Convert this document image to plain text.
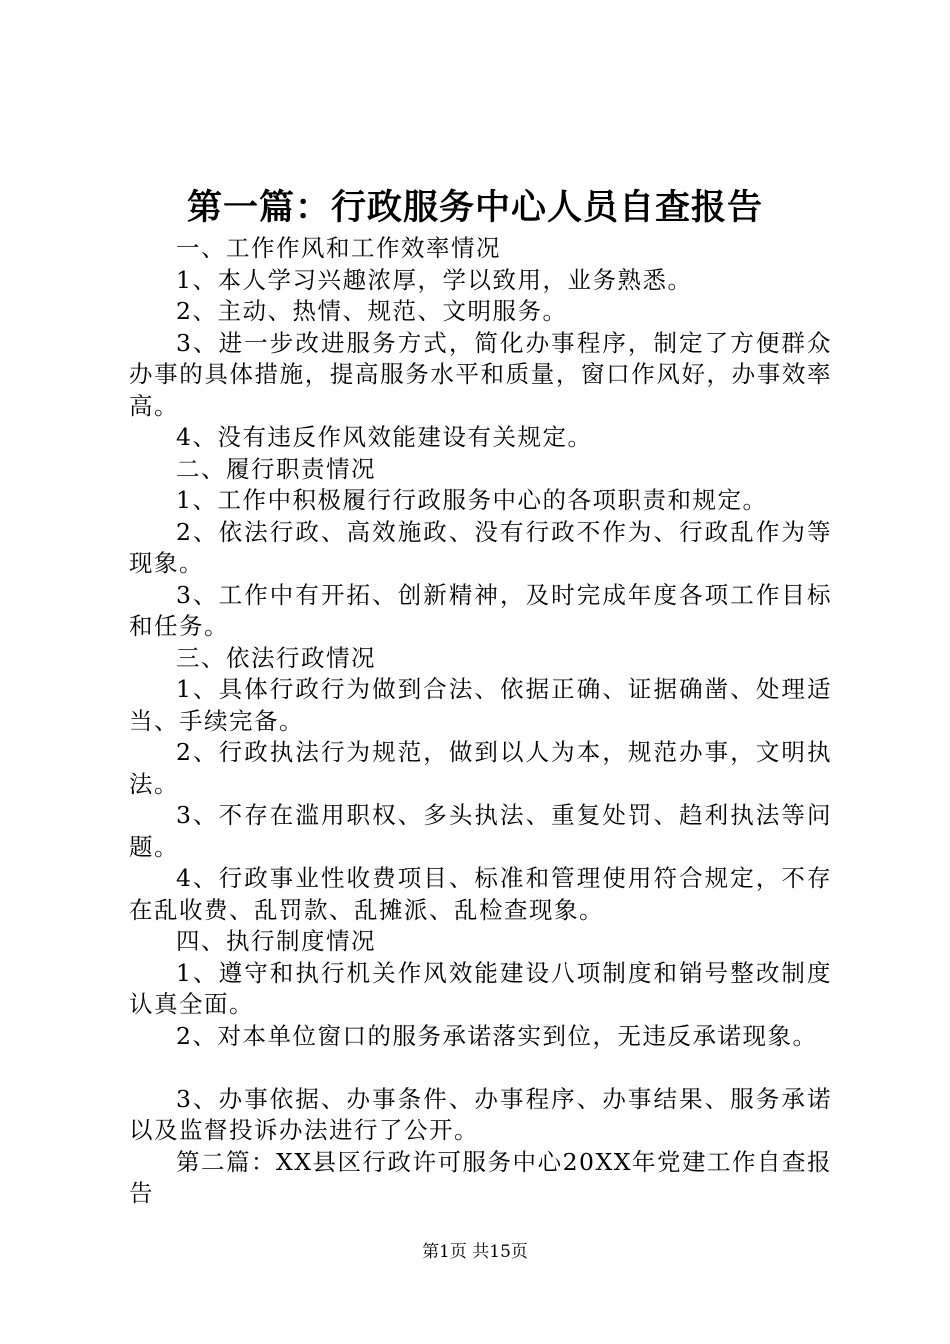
第一篇：行政服务中心人员自查报告

一、工作作风和工作效率情况

1、本人学习兴趣浓厚，学以致用，业务熟悉。

2、主动、热情、规范、文明服务。

3、进一步改进服务方式，简化办事程序，制定了方便群众办事的具体措施，提高服务水平和质量，窗口作风好，办事效率高。

4、没有违反作风效能建设有关规定。

二、履行职责情况

1、工作中积极履行行政服务中心的各项职责和规定。

2、依法行政、高效施政、没有行政不作为、行政乱作为等现象。

3、工作中有开拓、创新精神，及时完成年度各项工作目标和任务。

三、依法行政情况

1、具体行政行为做到合法、依据正确、证据确凿、处理适当、手续完备。

2、行政执法行为规范，做到以人为本，规范办事，文明执法。

3、不存在滥用职权、多头执法、重复处罚、趋利执法等问题。

4、行政事业性收费项目、标准和管理使用符合规定，不存在乱收费、乱罚款、乱摊派、乱检查现象。

四、执行制度情况

1、遵守和执行机关作风效能建设八项制度和销号整改制度认真全面。

2、对本单位窗口的服务承诺落实到位，无违反承诺现象。

3、办事依据、办事条件、办事程序、办事结果、服务承诺以及监督投诉办法进行了公开。

第二篇：XX县区行政许可服务中心20XX年党建工作自查报告

第1页 共15页
